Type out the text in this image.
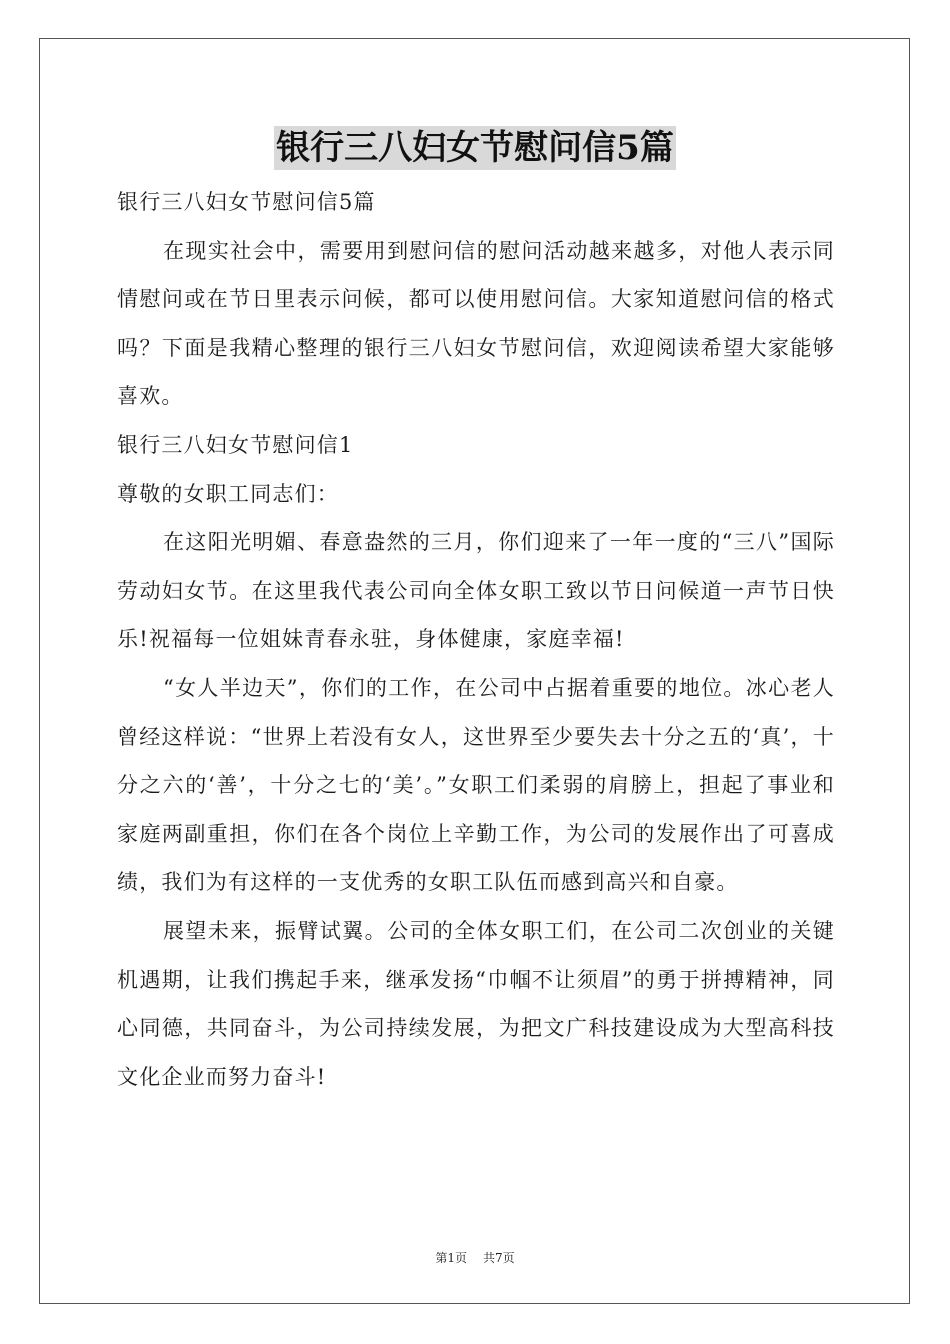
银行三八妇女节慰问信5篇

银行三八妇女节慰问信5篇

在现实社会中，需要用到慰问信的慰问活动越来越多，对他人表示同情慰问或在节日里表示问候，都可以使用慰问信。大家知道慰问信的格式吗？下面是我精心整理的银行三八妇女节慰问信，欢迎阅读希望大家能够喜欢。

银行三八妇女节慰问信1

尊敬的女职工同志们：

在这阳光明媚、春意盎然的三月，你们迎来了一年一度的“三八”国际劳动妇女节。在这里我代表公司向全体女职工致以节日问候道一声节日快乐!祝福每一位姐妹青春永驻，身体健康，家庭幸福!

“女人半边天”，你们的工作，在公司中占据着重要的地位。冰心老人曾经这样说：“世界上若没有女人，这世界至少要失去十分之五的‘真’，十分之六的‘善’，十分之七的‘美’。”女职工们柔弱的肩膀上，担起了事业和家庭两副重担，你们在各个岗位上辛勤工作，为公司的发展作出了可喜成绩，我们为有这样的一支优秀的女职工队伍而感到高兴和自豪。

展望未来，振臂试翼。公司的全体女职工们，在公司二次创业的关键机遇期，让我们携起手来，继承发扬“巾帼不让须眉”的勇于拼搏精神，同心同德，共同奋斗，为公司持续发展，为把文广科技建设成为大型高科技文化企业而努力奋斗!

第1页 共7页
